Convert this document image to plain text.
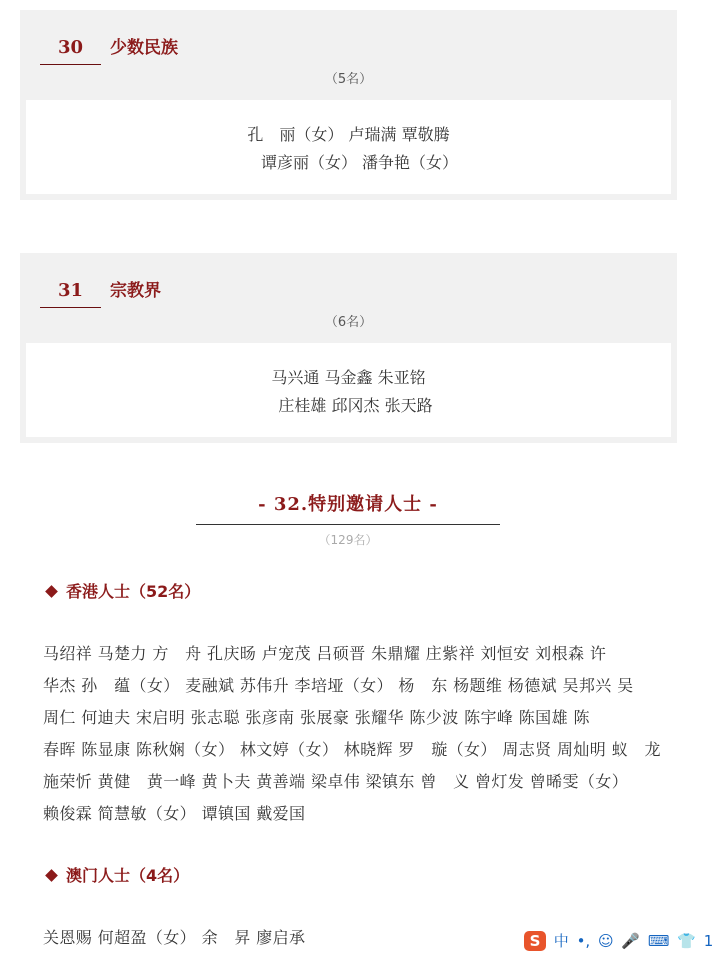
30	少数民族
（5名）
孔　丽（女） 卢瑞满 覃敬腾
谭彦丽（女） 潘争艳（女）
31	宗教界
（6名）
马兴通 马金鑫 朱亚铭
庄桂雄 邱冈杰 张天路
- 32.特别邀请人士 -
（129名）
香港人士（52名）
马绍祥 马楚力 方　舟 孔庆旸 卢宠茂 吕硕晋 朱鼎耀 庄紫祥 刘恒安 刘根森 许
华杰 孙　蕴（女） 麦融斌 苏伟升 李培垭（女） 杨　东 杨题维 杨德斌 吴邦兴 吴
周仁 何迪夫 宋启明 张志聪 张彦南 张展豪 张耀华 陈少波 陈宇峰 陈国雄 陈
春晖 陈显康 陈秋娴（女） 林文婷（女） 林晓辉 罗　璇（女） 周志贤 周灿明 蚁　龙
施荣忻 黄健　黄一峰 黄卜夫 黄善端 梁卓伟 梁镇东 曾　义 曾灯发 曾晞雯（女）
赖俊霖 简慧敏（女） 谭镇国 戴爱国
澳门人士（4名）
关恩赐 何超盈（女） 余　昇 廖启承	S 中 •, ☺ 🎤 ⌨ 👕 1
